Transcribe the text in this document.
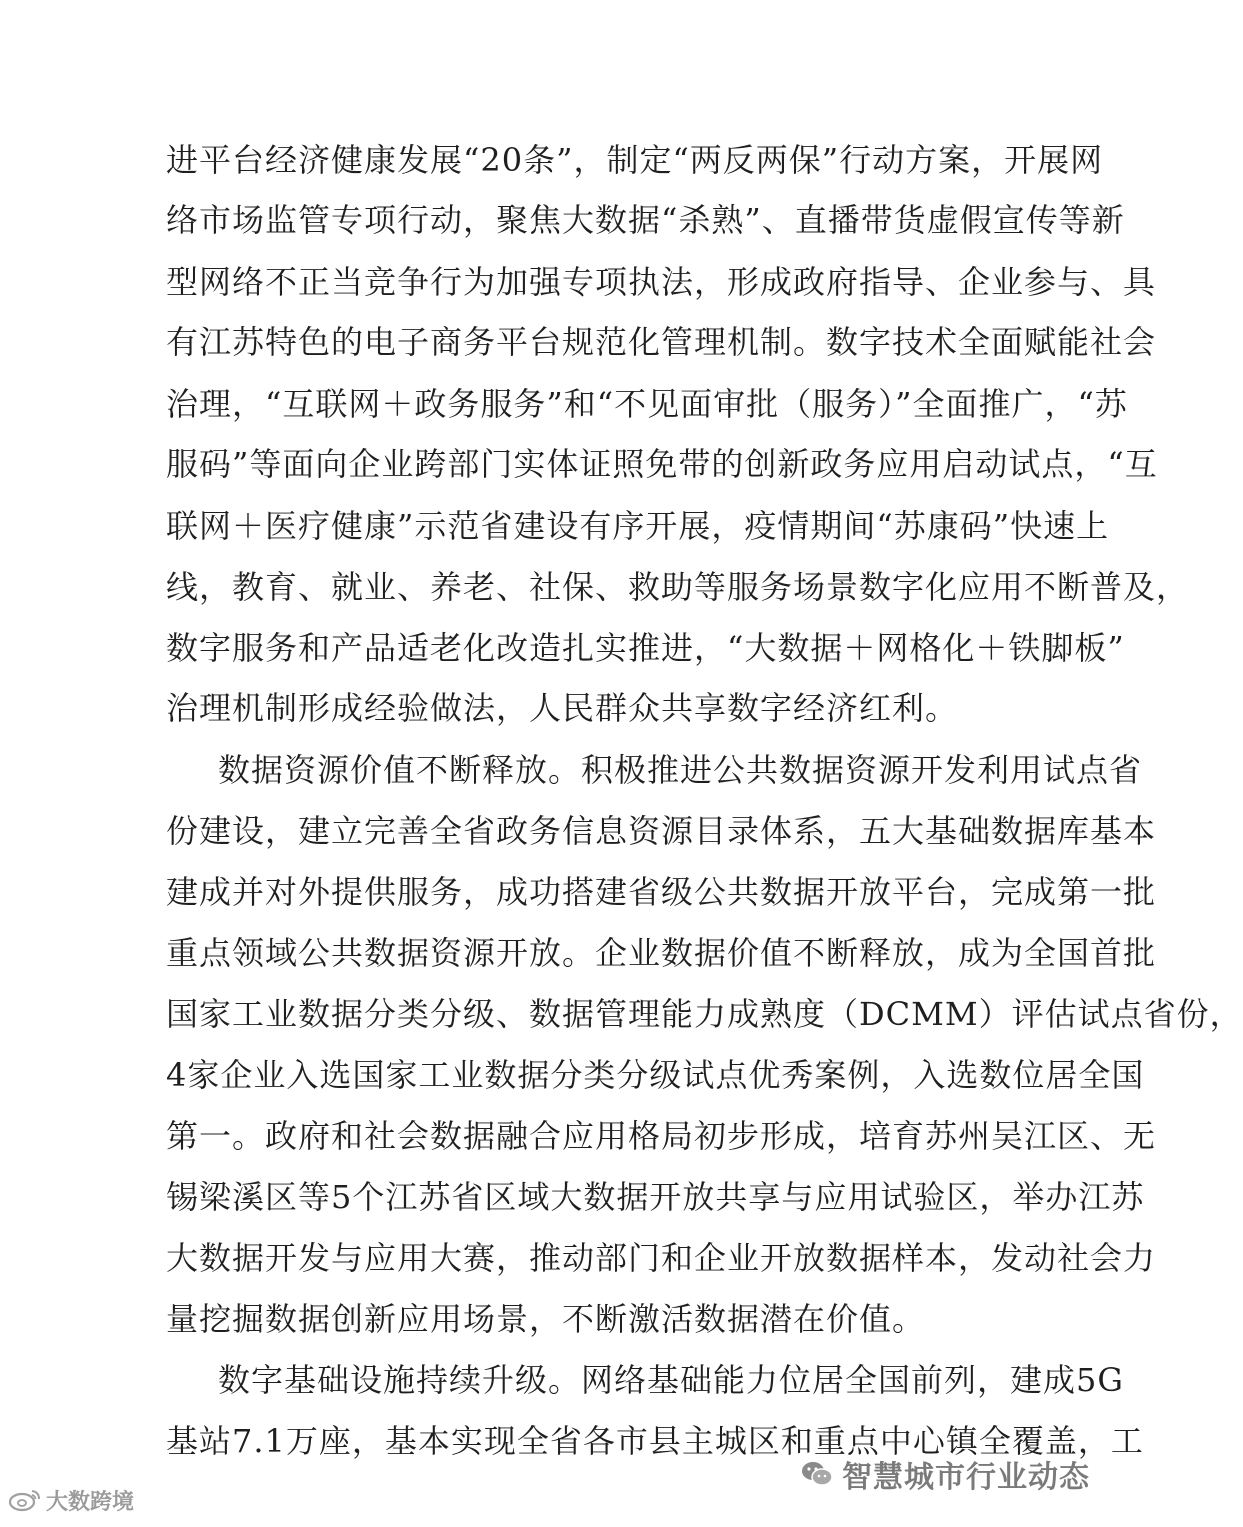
进平台经济健康发展“20条”，制定“两反两保”行动方案，开展网
络市场监管专项行动，聚焦大数据“杀熟”、直播带货虚假宣传等新
型网络不正当竞争行为加强专项执法，形成政府指导、企业参与、具
有江苏特色的电子商务平台规范化管理机制。数字技术全面赋能社会
治理，“互联网＋政务服务”和“不见面审批（服务）”全面推广，“苏
服码”等面向企业跨部门实体证照免带的创新政务应用启动试点，“互
联网＋医疗健康”示范省建设有序开展，疫情期间“苏康码”快速上
线，教育、就业、养老、社保、救助等服务场景数字化应用不断普及，
数字服务和产品适老化改造扎实推进，“大数据＋网格化＋铁脚板”
治理机制形成经验做法，人民群众共享数字经济红利。
数据资源价值不断释放。积极推进公共数据资源开发利用试点省
份建设，建立完善全省政务信息资源目录体系，五大基础数据库基本
建成并对外提供服务，成功搭建省级公共数据开放平台，完成第一批
重点领域公共数据资源开放。企业数据价值不断释放，成为全国首批
国家工业数据分类分级、数据管理能力成熟度（DCMM）评估试点省份，
4家企业入选国家工业数据分类分级试点优秀案例，入选数位居全国
第一。政府和社会数据融合应用格局初步形成，培育苏州吴江区、无
锡梁溪区等5个江苏省区域大数据开放共享与应用试验区，举办江苏
大数据开发与应用大赛，推动部门和企业开放数据样本，发动社会力
量挖掘数据创新应用场景，不断激活数据潜在价值。
数字基础设施持续升级。网络基础能力位居全国前列，建成5G
基站7.1万座，基本实现全省各市县主城区和重点中心镇全覆盖，工
智慧城市行业动态
大数跨境
